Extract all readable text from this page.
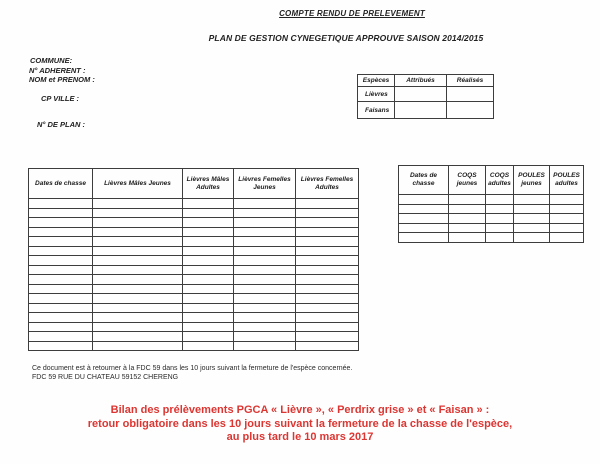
COMPTE RENDU DE PRELEVEMENT
PLAN DE GESTION CYNEGETIQUE APPROUVE SAISON 2014/2015
COMMUNE:
N° ADHERENT :
NOM et PRENOM :
CP VILLE :
N° DE PLAN :
Espèces	Attribués	Réalisés
Lièvres		
Faisans		
Dates de chasse	Lièvres Mâles Jeunes	Lièvres Mâles Adultes	Lièvres Femelles Jeunes	Lièvres Femelles Adultes

Dates de chasse	COQS jeunes	COQS adultes	POULES jeunes	POULES adultes

Ce document est à retourner à la FDC 59 dans les 10 jours suivant la fermeture de l'espèce concernée.
FDC 59 RUE DU CHATEAU 59152 CHERENG
Bilan des prélèvements PGCA « Lièvre », « Perdrix grise » et « Faisan » :
retour obligatoire dans les 10 jours suivant la fermeture de la chasse de l'espèce,
au plus tard le 10 mars 2017
